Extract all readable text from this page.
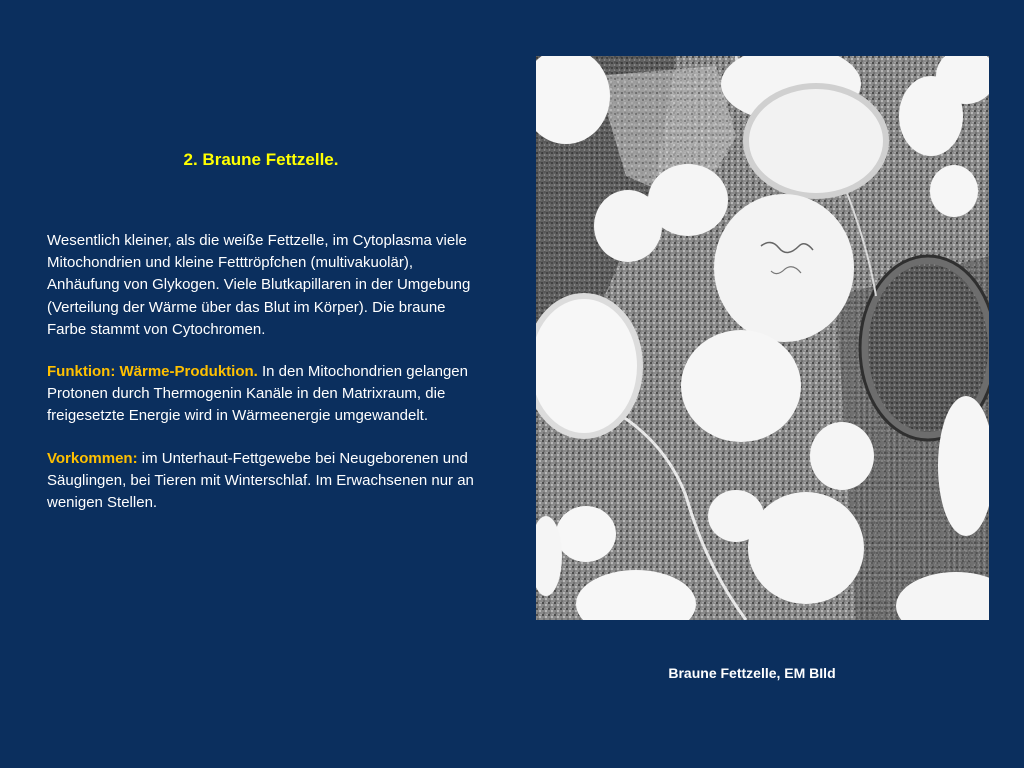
2. Braune Fettzelle.

Wesentlich kleiner, als die weiße Fettzelle, im Cytoplasma viele Mitochondrien und kleine Fetttröpfchen (multivakuolär), Anhäufung von Glykogen. Viele Blutkapillaren in der Umgebung (Verteilung der Wärme über das Blut im Körper). Die braune Farbe stammt von Cytochromen.

Funktion: Wärme-Produktion. In den Mitochondrien gelangen Protonen durch Thermogenin Kanäle in den Matrixraum, die freigesetzte Energie wird in Wärmeenergie umgewandelt.

Vorkommen: im Unterhaut-Fettgewebe bei Neugeborenen und Säuglingen, bei Tieren mit Winterschlaf. Im Erwachsenen nur an wenigen Stellen.

Braune Fettzelle, EM BIld
